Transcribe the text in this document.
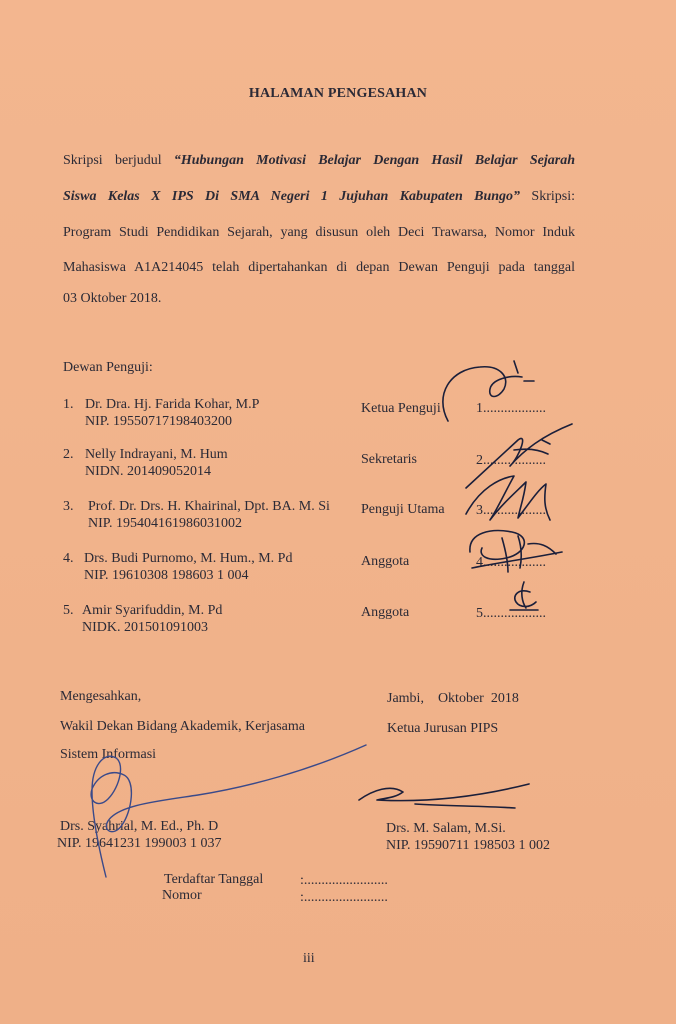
HALAMAN PENGESAHAN
Skripsi berjudul “Hubungan Motivasi Belajar Dengan Hasil Belajar Sejarah
Siswa Kelas X IPS Di SMA Negeri 1 Jujuhan Kabupaten Bungo” Skripsi:
Program Studi Pendidikan Sejarah, yang disusun oleh Deci Trawarsa, Nomor Induk
Mahasiswa A1A214045 telah dipertahankan di depan Dewan Penguji pada tanggal
03 Oktober 2018.
Dewan Penguji:
1. Dr. Dra. Hj. Farida Kohar, M.P
NIP. 19550717198403200
Ketua Penguji	1..................
2. Nelly Indrayani, M. Hum
NIDN. 201409052014
Sekretaris	2..................
3. Prof. Dr. Drs. H. Khairinal, Dpt. BA. M. Si
NIP. 195404161986031002
Penguji Utama 3..................
4. Drs. Budi Purnomo, M. Hum., M. Pd
NIP. 19610308 198603 1 004
Anggota	4..................
5. Amir Syarifuddin, M. Pd
NIDK. 201501091003
Anggota	5..................
Mengesahkan,
Wakil Dekan Bidang Akademik, Kerjasama
Sistem Informasi
Drs. Syahrial, M. Ed., Ph. D
NIP. 19641231 199003 1 037
Jambi,    Oktober  2018
Ketua Jurusan PIPS
Drs. M. Salam, M.Si.
NIP. 19590711 198503 1 002
Terdaftar Tanggal	:........................
Nomor	:........................
iii
